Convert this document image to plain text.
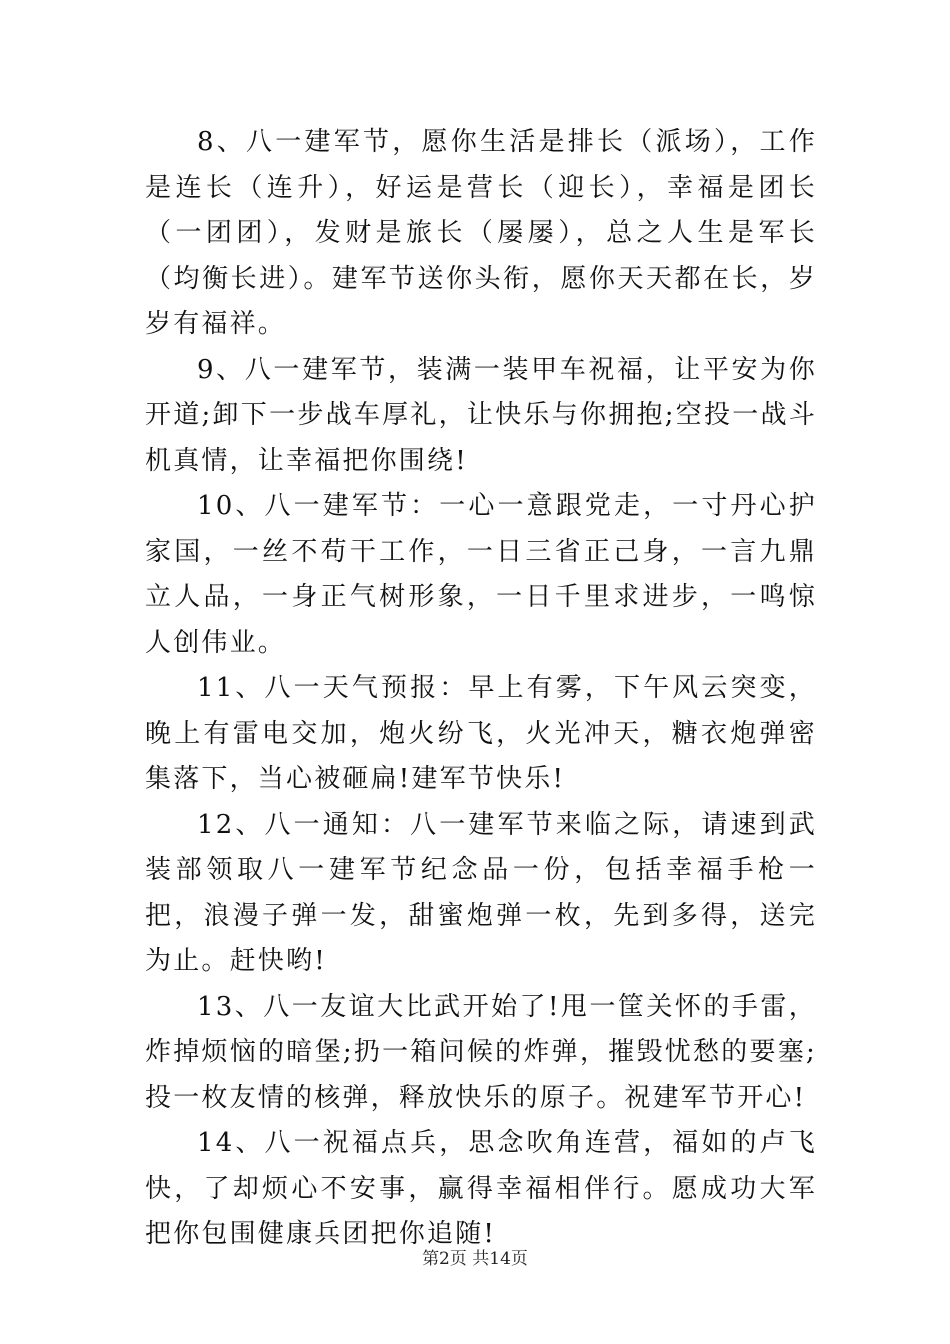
8、八一建军节，愿你生活是排长（派场），工作是连长（连升），好运是营长（迎长），幸福是团长（一团团），发财是旅长（屡屡），总之人生是军长（均衡长进）。建军节送你头衔，愿你天天都在长，岁岁有福祥。

9、八一建军节，装满一装甲车祝福，让平安为你开道;卸下一步战车厚礼，让快乐与你拥抱;空投一战斗机真情，让幸福把你围绕!

10、八一建军节：一心一意跟党走，一寸丹心护家国，一丝不苟干工作，一日三省正己身，一言九鼎立人品，一身正气树形象，一日千里求进步，一鸣惊人创伟业。

11、八一天气预报：早上有雾，下午风云突变，晚上有雷电交加，炮火纷飞，火光冲天，糖衣炮弹密集落下，当心被砸扁!建军节快乐!

12、八一通知：八一建军节来临之际，请速到武装部领取八一建军节纪念品一份，包括幸福手枪一把，浪漫子弹一发，甜蜜炮弹一枚，先到多得，送完为止。赶快哟!

13、八一友谊大比武开始了!甩一筐关怀的手雷，炸掉烦恼的暗堡;扔一箱问候的炸弹，摧毁忧愁的要塞;投一枚友情的核弹，释放快乐的原子。祝建军节开心!

14、八一祝福点兵，思念吹角连营，福如的卢飞快，了却烦心不安事，赢得幸福相伴行。愿成功大军把你包围健康兵团把你追随!

第2页 共14页
